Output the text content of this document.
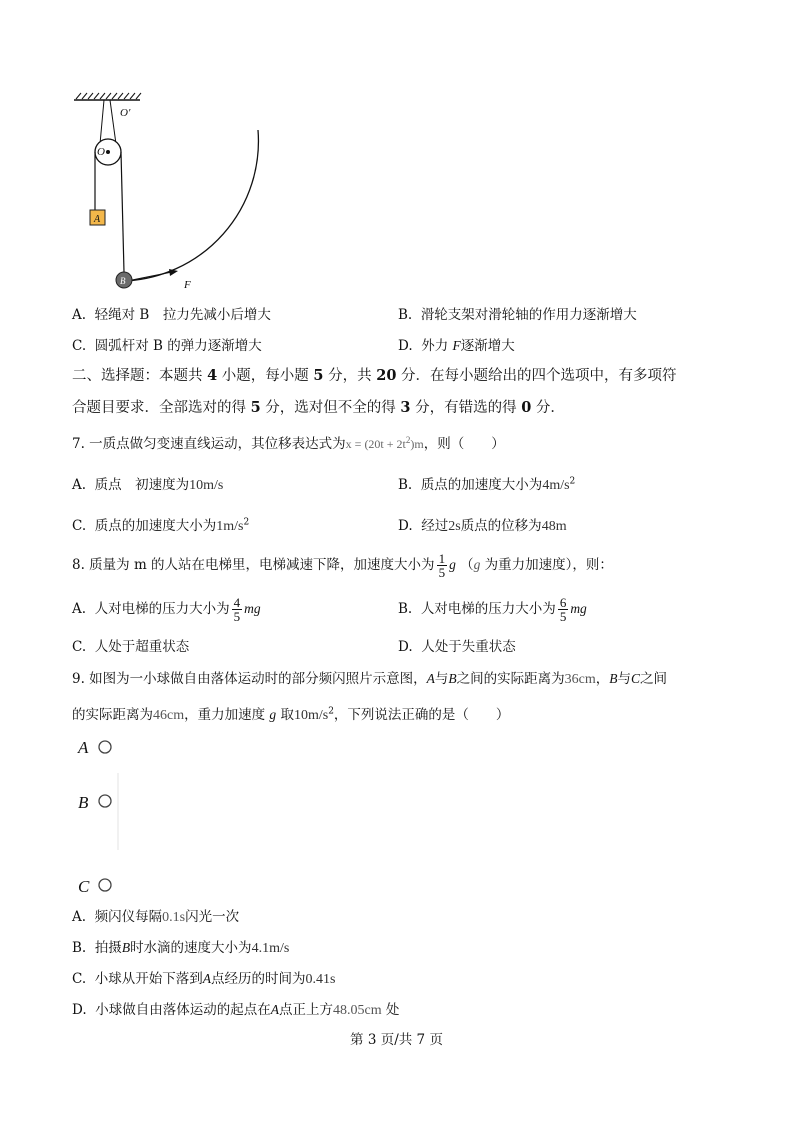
O′
O
A
B	F
A. 轻绳对 B　拉力先减小后增大	B. 滑轮支架对滑轮轴的作用力逐渐增大
C. 圆弧杆对 B 的弹力逐渐增大	D. 外力 F逐渐增大
二、选择题：本题共 4 小题，每小题 5 分，共 20 分．在每小题给出的四个选项中，有多项符
合题目要求．全部选对的得 5 分，选对但不全的得 3 分，有错选的得 0 分．
7. 一质点做匀变速直线运动，其位移表达式为$x = (20t + 2t^2)m$，则（　　）
A. 质点　初速度为10m/s	B. 质点的加速度大小为$4m/s^2$
C. 质点的加速度大小为$1m/s^2$	D. 经过2s质点的位移为48m
8. 质量为 m 的人站在电梯里，电梯减速下降，加速度大小为 $\frac{1}{5}$ g （g 为重力加速度），则：
A. 人对电梯的压力大小为 $\frac{4}{5}$ mg	B. 人对电梯的压力大小为 $\frac{6}{5}$ mg
C. 人处于超重状态	D. 人处于失重状态
9. 如图为一小球做自由落体运动时的部分频闪照片示意图，A与B之间的实际距离为36cm，B与C之间
的实际距离为46cm，重力加速度 g 取$10m/s^2$，下列说法正确的是（　　）
A
B
C
A. 频闪仪每隔0.1s闪光一次
B. 拍摄B时水滴的速度大小为4.1m/s
C. 小球从开始下落到A点经历的时间为0.41s
D. 小球做自由落体运动的起点在A点正上方48.05cm 处
第 3 页/共 7 页
